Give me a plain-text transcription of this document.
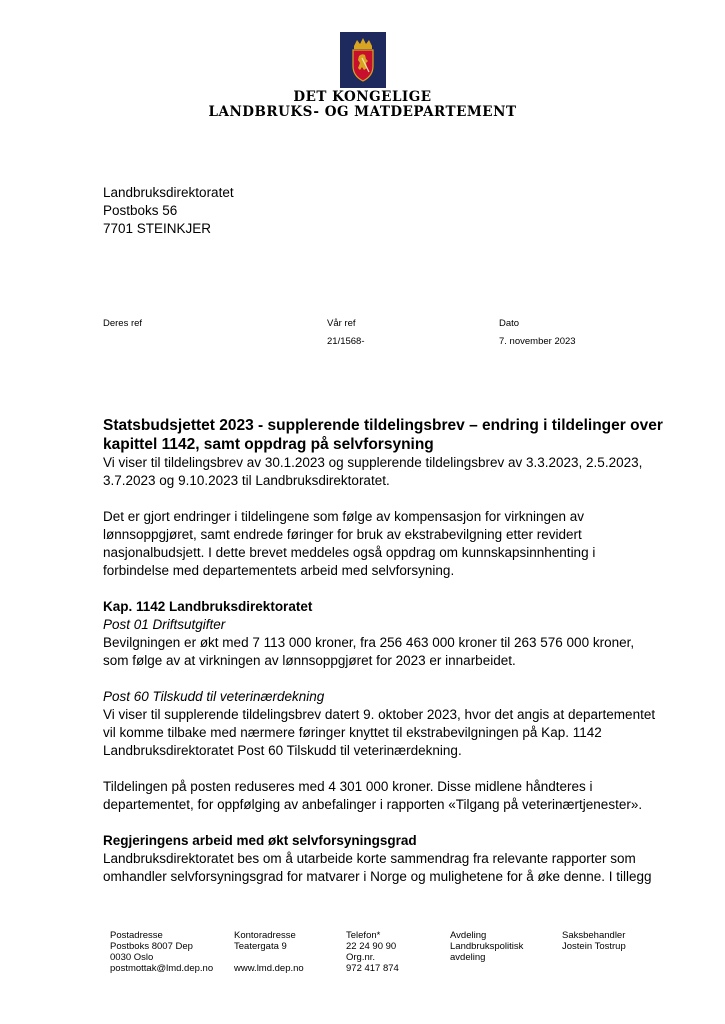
DET KONGELIGE
LANDBRUKS- OG MATDEPARTEMENT
Landbruksdirektoratet
Postboks 56
7701 STEINKJER
Deres ref	Vår ref
21/1568-
Dato
7. november 2023

Statsbudsjettet 2023 - supplerende tildelingsbrev – endring i tildelinger over kapittel 1142, samt oppdrag på selvforsyning

Vi viser til tildelingsbrev av 30.1.2023 og supplerende tildelingsbrev av 3.3.2023, 2.5.2023, 3.7.2023 og 9.10.2023 til Landbruksdirektoratet.

Det er gjort endringer i tildelingene som følge av kompensasjon for virkningen av lønnsoppgjøret, samt endrede føringer for bruk av ekstrabevilgning etter revidert nasjonalbudsjett. I dette brevet meddeles også oppdrag om kunnskapsinnhenting i forbindelse med departementets arbeid med selvforsyning.

Kap. 1142 Landbruksdirektoratet

Post 01 Driftsutgifter

Bevilgningen er økt med 7 113 000 kroner, fra 256 463 000 kroner til 263 576 000 kroner, som følge av at virkningen av lønnsoppgjøret for 2023 er innarbeidet.

Post 60 Tilskudd til veterinærdekning

Vi viser til supplerende tildelingsbrev datert 9. oktober 2023, hvor det angis at departementet vil komme tilbake med nærmere føringer knyttet til ekstrabevilgningen på Kap. 1142 Landbruksdirektoratet Post 60 Tilskudd til veterinærdekning.

Tildelingen på posten reduseres med 4 301 000 kroner. Disse midlene håndteres i departementet, for oppfølging av anbefalinger i rapporten «Tilgang på veterinærtjenester».

Regjeringens arbeid med økt selvforsyningsgrad

Landbruksdirektoratet bes om å utarbeide korte sammendrag fra relevante rapporter som omhandler selvforsyningsgrad for matvarer i Norge og mulighetene for å øke denne. I tillegg

Postadresse
Postboks 8007 Dep
0030 Oslo
postmottak@lmd.dep.no
Kontoradresse
Teatergata 9
www.lmd.dep.no
Telefon*
22 24 90 90
Org.nr.
972 417 874
Avdeling
Landbrukspolitisk
avdeling
Saksbehandler
Jostein Tostrup
